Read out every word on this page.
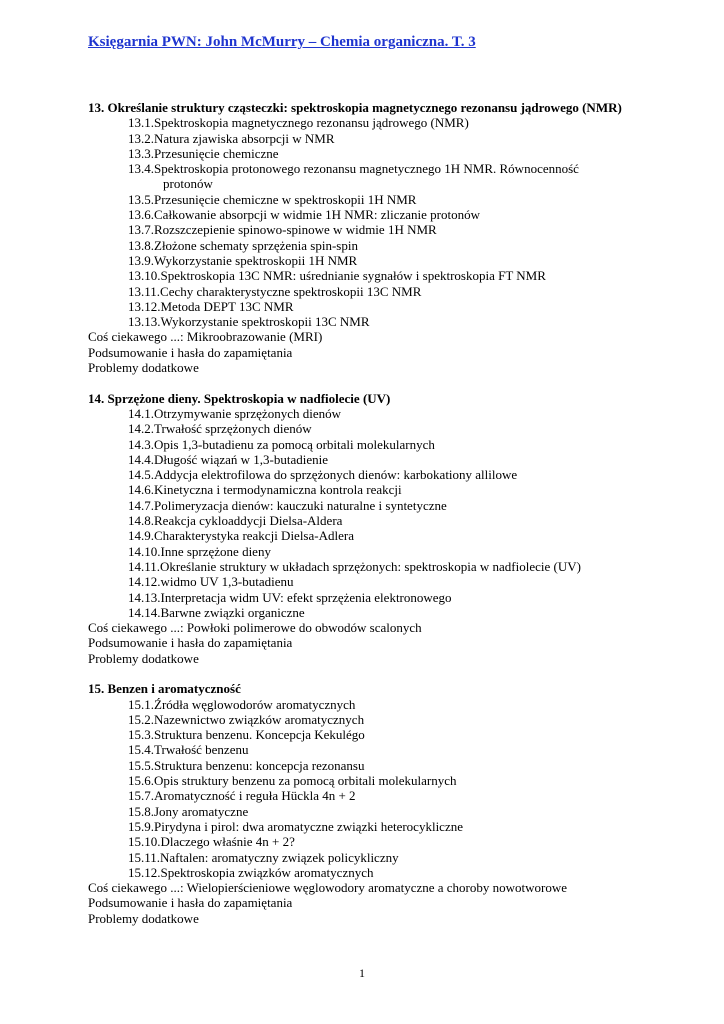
Księgarnia PWN: John McMurry – Chemia organiczna. T. 3
13. Określanie struktury cząsteczki: spektroskopia magnetycznego rezonansu jądrowego (NMR)
13.1.Spektroskopia magnetycznego rezonansu jądrowego (NMR)
13.2.Natura zjawiska absorpcji w NMR
13.3.Przesunięcie chemiczne
13.4.Spektroskopia protonowego rezonansu magnetycznego 1H NMR. Równocenność
protonów
13.5.Przesunięcie chemiczne w spektroskopii 1H NMR
13.6.Całkowanie absorpcji w widmie 1H NMR: zliczanie protonów
13.7.Rozszczepienie spinowo-spinowe w widmie 1H NMR
13.8.Złożone schematy sprzężenia spin-spin
13.9.Wykorzystanie spektroskopii 1H NMR
13.10.Spektroskopia 13C NMR: uśrednianie sygnałów i spektroskopia FT NMR
13.11.Cechy charakterystyczne spektroskopii 13C NMR
13.12.Metoda DEPT 13C NMR
13.13.Wykorzystanie spektroskopii 13C NMR
Coś ciekawego ...: Mikroobrazowanie (MRI)
Podsumowanie i hasła do zapamiętania
Problemy dodatkowe
14. Sprzężone dieny. Spektroskopia w nadfiolecie (UV)
14.1.Otrzymywanie sprzężonych dienów
14.2.Trwałość sprzężonych dienów
14.3.Opis 1,3-butadienu za pomocą orbitali molekularnych
14.4.Długość wiązań w 1,3-butadienie
14.5.Addycja elektrofilowa do sprzężonych dienów: karbokationy allilowe
14.6.Kinetyczna i termodynamiczna kontrola reakcji
14.7.Polimeryzacja dienów: kauczuki naturalne i syntetyczne
14.8.Reakcja cykloaddycji Dielsa-Aldera
14.9.Charakterystyka reakcji Dielsa-Adlera
14.10.Inne sprzężone dieny
14.11.Określanie struktury w układach sprzężonych: spektroskopia w nadfiolecie (UV)
14.12.widmo UV 1,3-butadienu
14.13.Interpretacja widm UV: efekt sprzężenia elektronowego
14.14.Barwne związki organiczne
Coś ciekawego ...: Powłoki polimerowe do obwodów scalonych
Podsumowanie i hasła do zapamiętania
Problemy dodatkowe
15. Benzen i aromatyczność
15.1.Źródła węglowodorów aromatycznych
15.2.Nazewnictwo związków aromatycznych
15.3.Struktura benzenu. Koncepcja Kekulégo
15.4.Trwałość benzenu
15.5.Struktura benzenu: koncepcja rezonansu
15.6.Opis struktury benzenu za pomocą orbitali molekularnych
15.7.Aromatyczność i reguła Hückla 4n + 2
15.8.Jony aromatyczne
15.9.Pirydyna i pirol: dwa aromatyczne związki heterocykliczne
15.10.Dlaczego właśnie 4n + 2?
15.11.Naftalen: aromatyczny związek policykliczny
15.12.Spektroskopia związków aromatycznych
Coś ciekawego ...: Wielopierścieniowe węglowodory aromatyczne a choroby nowotworowe
Podsumowanie i hasła do zapamiętania
Problemy dodatkowe
1
